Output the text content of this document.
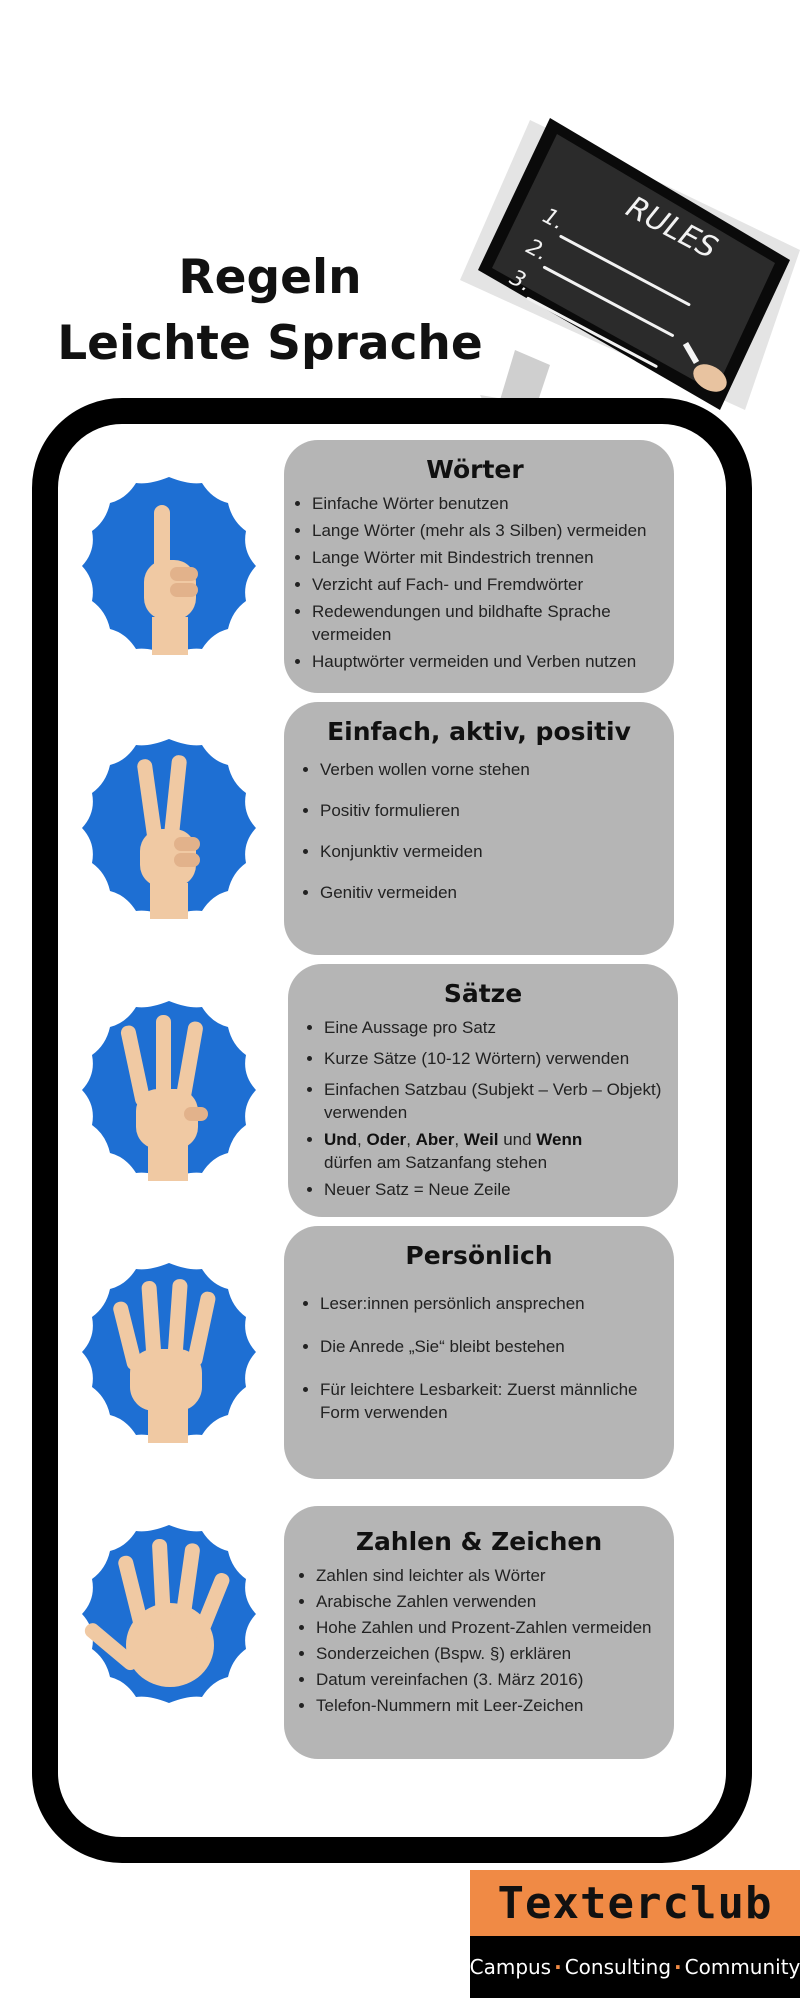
Regeln
Leichte Sprache
RULES
1.
2.
3.
Wörter
• Einfache Wörter benutzen
• Lange Wörter (mehr als 3 Silben) vermeiden
• Lange Wörter mit Bindestrich trennen
• Verzicht auf Fach- und Fremdwörter
• Redewendungen und bildhafte Sprache vermeiden
• Hauptwörter vermeiden und Verben nutzen
Einfach, aktiv, positiv
• Verben wollen vorne stehen
• Positiv formulieren
• Konjunktiv vermeiden
• Genitiv vermeiden
Sätze
• Eine Aussage pro Satz
• Kurze Sätze (10-12 Wörtern) verwenden
• Einfachen Satzbau (Subjekt – Verb – Objekt) verwenden
• Und, Oder, Aber, Weil und Wenn
dürfen am Satzanfang stehen
• Neuer Satz = Neue Zeile
Persönlich
• Leser:innen persönlich ansprechen
• Die Anrede „Sie“ bleibt bestehen
• Für leichtere Lesbarkeit: Zuerst männliche Form verwenden
Zahlen & Zeichen
• Zahlen sind leichter als Wörter
• Arabische Zahlen verwenden
• Hohe Zahlen und Prozent-Zahlen vermeiden
• Sonderzeichen (Bspw. §) erklären
• Datum vereinfachen (3. März 2016)
• Telefon-Nummern mit Leer-Zeichen
Texterclub
Campus · Consulting · Community
